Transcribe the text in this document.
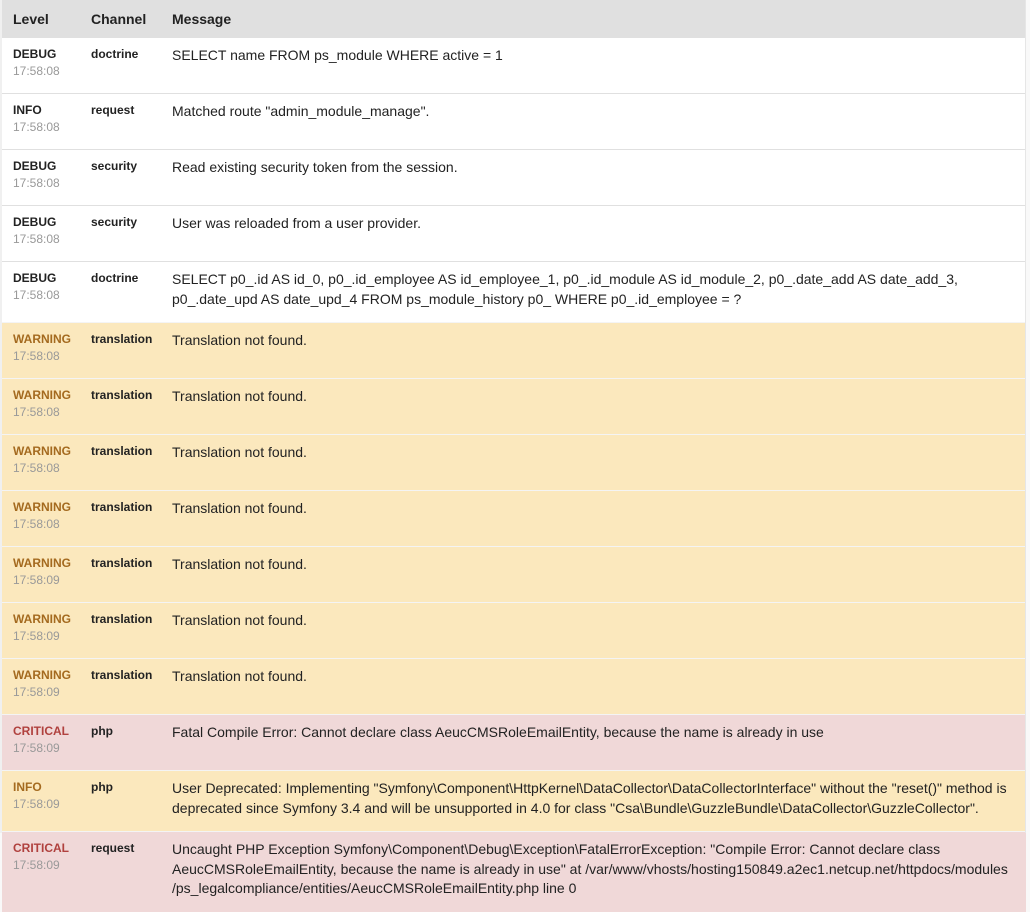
Level	Channel	Message

DEBUG
17:58:08	doctrine	SELECT name FROM ps_module WHERE active = 1

INFO
17:58:08	request	Matched route "admin_module_manage".

DEBUG
17:58:08	security	Read existing security token from the session.

DEBUG
17:58:08	security	User was reloaded from a user provider.

DEBUG
17:58:08	doctrine	SELECT p0_.id AS id_0, p0_.id_employee AS id_employee_1, p0_.id_module AS id_module_2, p0_.date_add AS date_add_3, p0_.date_upd AS date_upd_4 FROM ps_module_history p0_ WHERE p0_.id_employee = ?

WARNING
17:58:08	translation	Translation not found.

WARNING
17:58:08	translation	Translation not found.

WARNING
17:58:08	translation	Translation not found.

WARNING
17:58:08	translation	Translation not found.

WARNING
17:58:09	translation	Translation not found.

WARNING
17:58:09	translation	Translation not found.

WARNING
17:58:09	translation	Translation not found.

CRITICAL
17:58:09	php	Fatal Compile Error: Cannot declare class AeucCMSRoleEmailEntity, because the name is already in use

INFO
17:58:09	php	User Deprecated: Implementing "Symfony\Component\HttpKernel\DataCollector\DataCollectorInterface" without the "reset()" method is deprecated since Symfony 3.4 and will be unsupported in 4.0 for class "Csa\Bundle\GuzzleBundle\DataCollector\GuzzleCollector".

CRITICAL
17:58:09	request	Uncaught PHP Exception Symfony\Component\Debug\Exception\FatalErrorException: "Compile Error: Cannot declare class AeucCMSRoleEmailEntity, because the name is already in use" at /var/www/vhosts/hosting150849.a2ec1.netcup.net/httpdocs/modules /ps_legalcompliance/entities/AeucCMSRoleEmailEntity.php line 0
